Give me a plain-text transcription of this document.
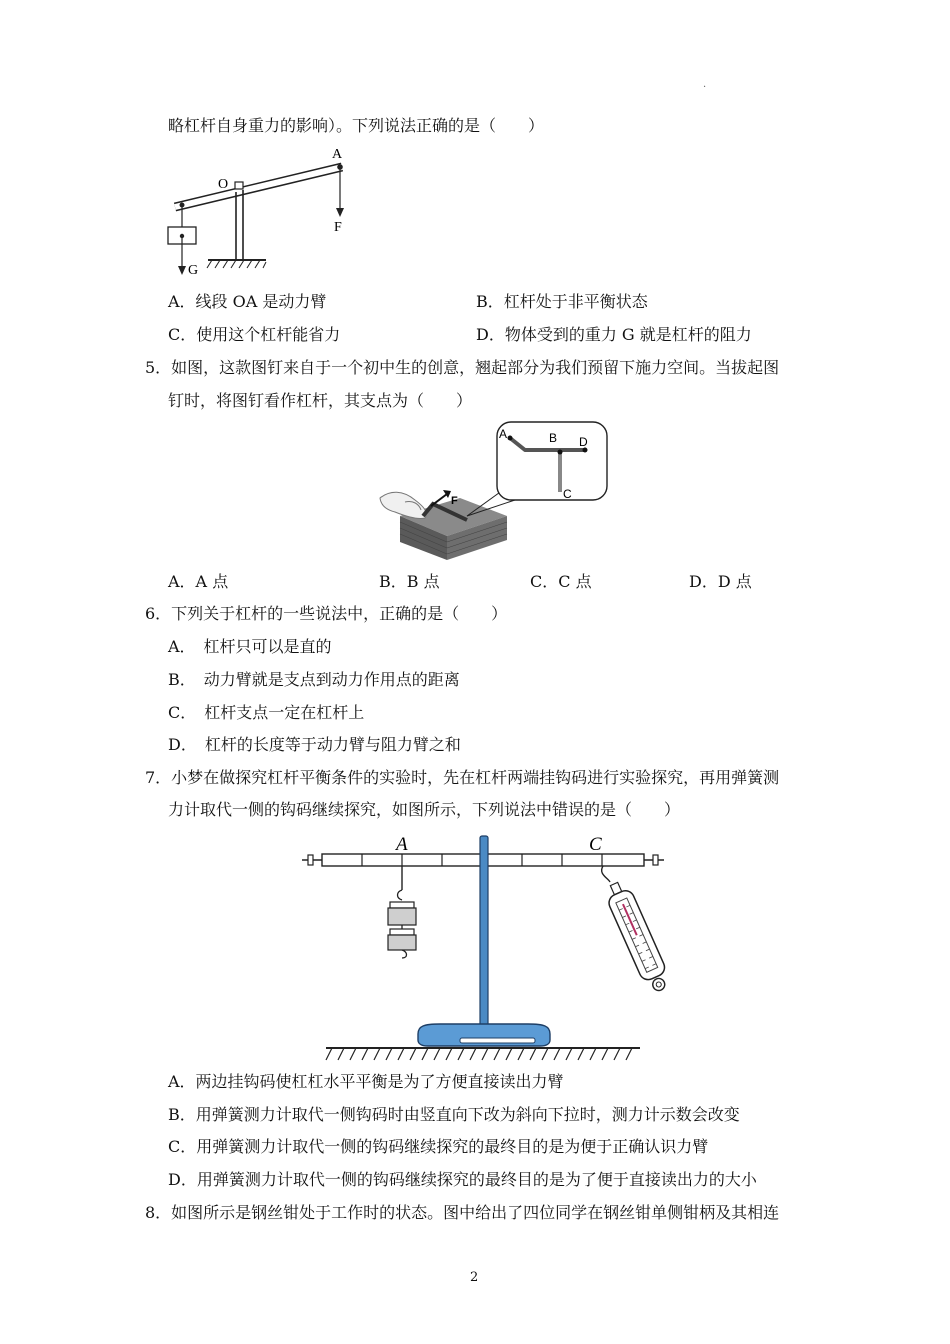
·
略杠杆自身重力的影响）。下列说法正确的是（　　）
A
O
F
G
A．线段 OA 是动力臂	B．杠杆处于非平衡状态
C．使用这个杠杆能省力	D．物体受到的重力 G 就是杠杆的阻力
5．如图，这款图钉来自于一个初中生的创意，翘起部分为我们预留下施力空间。当拔起图
钉时，将图钉看作杠杆，其支点为（　　）
F
A	B D
C
A．A 点	B．B 点	C．C 点	D．D 点
6．下列关于杠杆的一些说法中，正确的是（　　）
A．　杠杆只可以是直的
B．　动力臂就是支点到动力作用点的距离
C．　杠杆支点一定在杠杆上
D．　杠杆的长度等于动力臂与阻力臂之和
7．小梦在做探究杠杆平衡条件的实验时，先在杠杆两端挂钩码进行实验探究，再用弹簧测
力计取代一侧的钩码继续探究，如图所示，下列说法中错误的是（　　）
A	C
A．两边挂钩码使杠杠水平平衡是为了方便直接读出力臂
B．用弹簧测力计取代一侧钩码时由竖直向下改为斜向下拉时，测力计示数会改变
C．用弹簧测力计取代一侧的钩码继续探究的最终目的是为便于正确认识力臂
D．用弹簧测力计取代一侧的钩码继续探究的最终目的是为了便于直接读出力的大小
8．如图所示是钢丝钳处于工作时的状态。图中给出了四位同学在钢丝钳单侧钳柄及其相连
2
